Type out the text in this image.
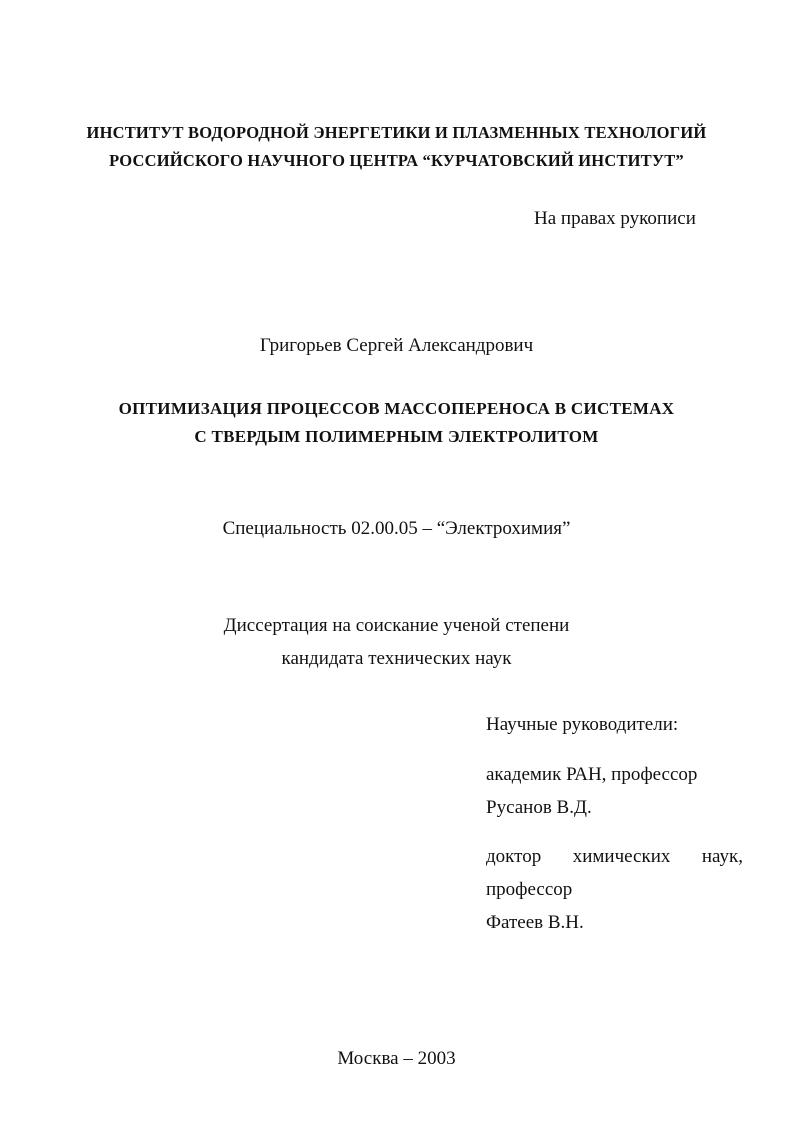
ИНСТИТУТ ВОДОРОДНОЙ ЭНЕРГЕТИКИ И ПЛАЗМЕННЫХ ТЕХНОЛОГИЙ
РОССИЙСКОГО НАУЧНОГО ЦЕНТРА “КУРЧАТОВСКИЙ ИНСТИТУТ”
На правах рукописи
Григорьев Сергей Александрович
ОПТИМИЗАЦИЯ ПРОЦЕССОВ МАССОПЕРЕНОСА В СИСТЕМАХ
С ТВЕРДЫМ ПОЛИМЕРНЫМ ЭЛЕКТРОЛИТОМ
Специальность 02.00.05 – “Электрохимия”
Диссертация на соискание ученой степени
кандидата технических наук
Научные руководители:
академик РАН, профессор
Русанов В.Д.
доктор химических наук,
профессор
Фатеев В.Н.
Москва – 2003
